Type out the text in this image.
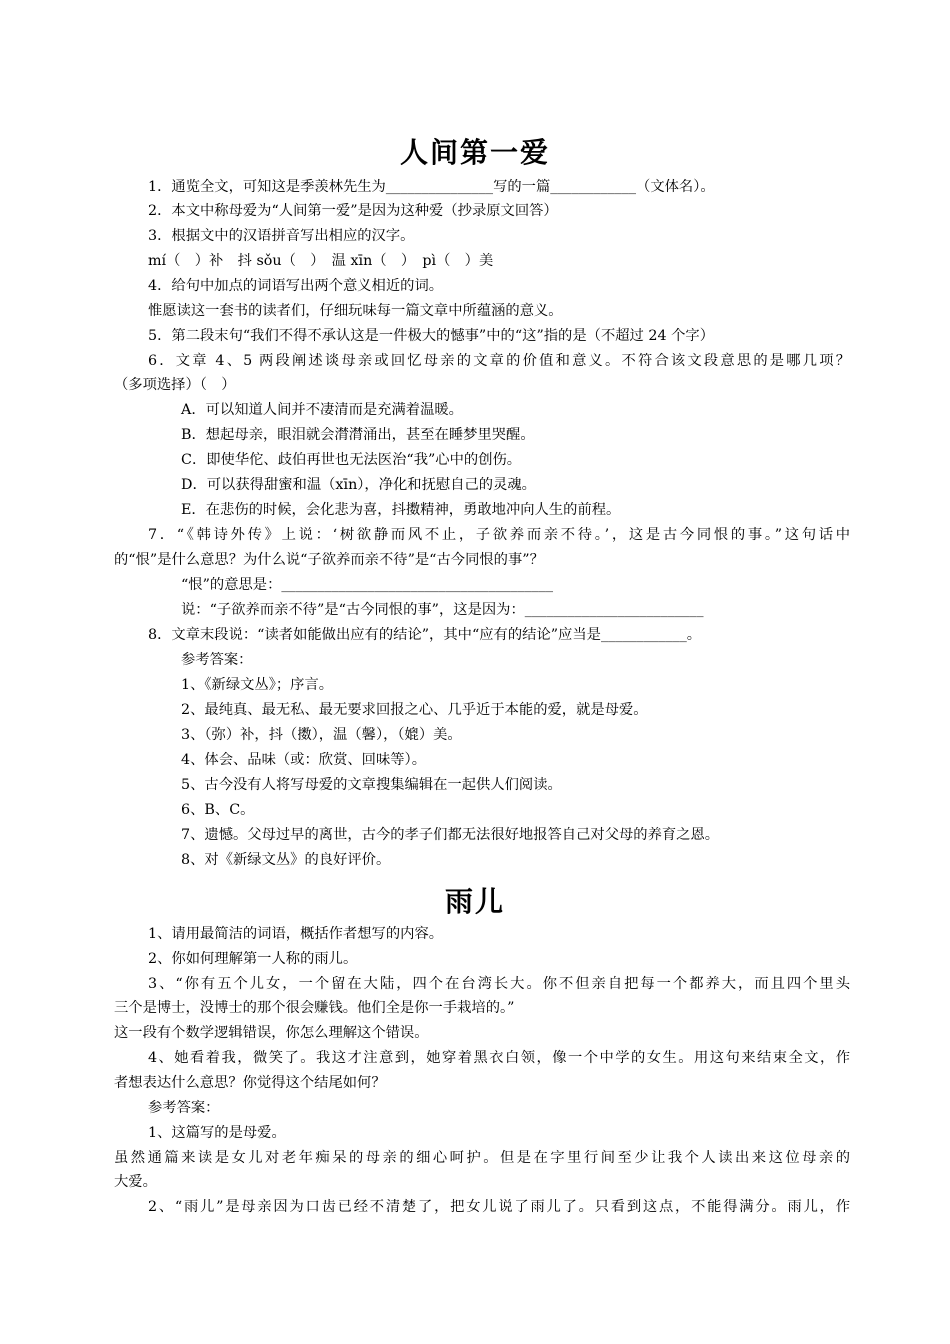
人间第一爱
1．通览全文，可知这是季羡林先生为_______________写的一篇____________（文体名）。
2．本文中称母爱为“人间第一爱”是因为这种爱（抄录原文回答）
3．根据文中的汉语拼音写出相应的汉字。
mí（　）补　抖 sǒu（　）　温 xīn（　）　pì（　）美
4．给句中加点的词语写出两个意义相近的词。
惟愿读这一套书的读者们，仔细玩味每一篇文章中所蕴涵的意义。
5．第二段末句“我们不得不承认这是一件极大的憾事”中的“这”指的是（不超过 24 个字）
6．文章 4、5 两段阐述谈母亲或回忆母亲的文章的价值和意义。不符合该文段意思的是哪几项？
（多项选择）（　）
A．可以知道人间并不凄清而是充满着温暖。
B．想起母亲，眼泪就会潸潸涌出，甚至在睡梦里哭醒。
C．即使华佗、歧伯再世也无法医治“我”心中的创伤。
D．可以获得甜蜜和温（xīn），净化和抚慰自己的灵魂。
E．在悲伤的时候，会化悲为喜，抖擞精神，勇敢地冲向人生的前程。
7．“《韩诗外传》上说：‘树欲静而风不止，子欲养而亲不待。’，这是古今同恨的事。”这句话中
的“恨”是什么意思？为什么说“子欲养而亲不待”是“古今同恨的事”？
“恨”的意思是：______________________________________
说：“子欲养而亲不待”是“古今同恨的事”，这是因为：_________________________
8．文章末段说：“读者如能做出应有的结论”，其中“应有的结论”应当是____________。
参考答案：
1、《新绿文丛》；序言。
2、最纯真、最无私、最无要求回报之心、几乎近于本能的爱，就是母爱。
3、（弥）补，抖（擞），温（馨），（媲）美。
4、体会、品味（或：欣赏、回味等）。
5、古今没有人将写母爱的文章搜集编辑在一起供人们阅读。
6、B、C。
7、遗憾。父母过早的离世，古今的孝子们都无法很好地报答自己对父母的养育之恩。
8、对《新绿文丛》的良好评价。
雨儿
1、请用最简洁的词语，概括作者想写的内容。
2、你如何理解第一人称的雨儿。
3、“你有五个儿女，一个留在大陆，四个在台湾长大。你不但亲自把每一个都养大，而且四个里头
三个是博士，没博士的那个很会赚钱。他们全是你一手栽培的。”
这一段有个数学逻辑错误，你怎么理解这个错误。
4、她看着我，微笑了。我这才注意到，她穿着黑衣白领，像一个中学的女生。用这句来结束全文，作
者想表达什么意思？你觉得这个结尾如何？
参考答案：
1、这篇写的是母爱。
虽然通篇来读是女儿对老年痴呆的母亲的细心呵护。但是在字里行间至少让我个人读出来这位母亲的
大爱。
2、“雨儿”是母亲因为口齿已经不清楚了，把女儿说了雨儿了。只看到这点，不能得满分。雨儿，作
